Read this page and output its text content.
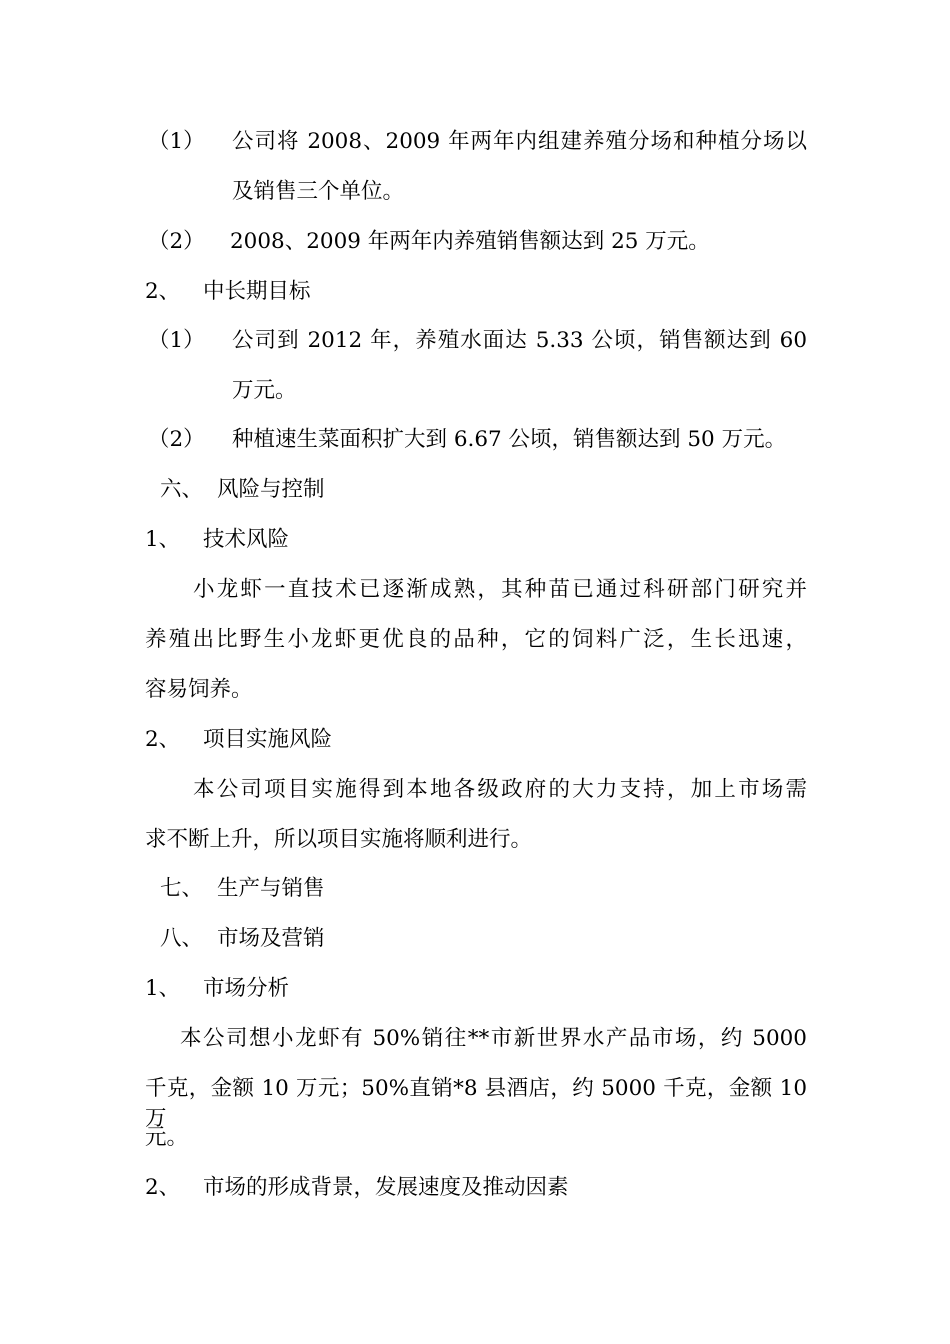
（1） 公司将 2008、2009 年两年内组建养殖分场和种植分场以
及销售三个单位。
（2） 2008、2009 年两年内养殖销售额达到 25 万元。
2、 中长期目标
（1） 公司到 2012 年，养殖水面达 5.33 公顷，销售额达到 60
万元。
（2） 种植速生菜面积扩大到 6.67 公顷，销售额达到 50 万元。
六、 风险与控制
1、 技术风险
小龙虾一直技术已逐渐成熟，其种苗已通过科研部门研究并
养殖出比野生小龙虾更优良的品种，它的饲料广泛，生长迅速，
容易饲养。
2、 项目实施风险
本公司项目实施得到本地各级政府的大力支持，加上市场需
求不断上升，所以项目实施将顺利进行。
七、 生产与销售
八、 市场及营销
1、 市场分析
本公司想小龙虾有 50%销往**市新世界水产品市场，约 5000
千克，金额 10 万元；50%直销*8 县酒店，约 5000 千克，金额 10 万
元。
2、 市场的形成背景，发展速度及推动因素
